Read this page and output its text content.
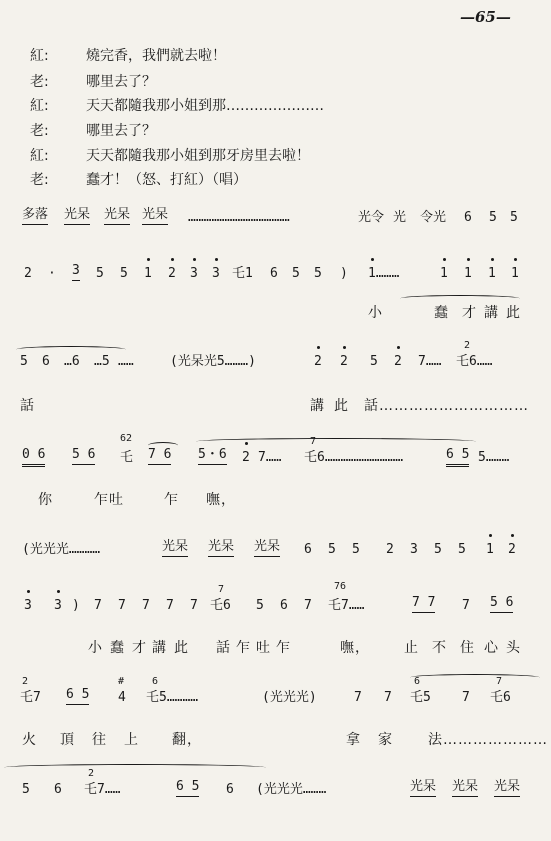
—65—
紅:	燒完香，我們就去啦！
老:	哪里去了？
紅:	天天都隨我那小姐到那…………………
老:	哪里去了？
紅:	天天都隨我那小姐到那牙房里去啦！
老:	蠢才！（怒、打紅）（唱）
多落 光呆 光呆 光呆 …………………………………	光令 光 令光 6 5 5
2 · 3 5 5 1 2 3 3 乇1 6 5 5 ) 1………	1 1 1 1
小	蠢 才 講 此
5 6 …6 …5 ……	(光呆光5………)	2 2 5 2 7…… 乇6……
2
話	講 此 話…………………………
0 6 5 6 乇
62
7 6 5・6 2 7…… 乇6…………………………
7
6 5 5………
你	乍吐	乍 嘸，
(光光光…………	光呆 光呆 光呆 6 5 5 2 3 5 5 1 2
3 3 ) 7 7 7 7 7 乇6
7
5 6 7 乇7……
76
7 7 7 5 6
小 蠢 才 講 此 話 乍 吐 乍	嘸， 止 不 住 心 头
乇7
2
6 5 4
#
乇5…………
6
(光光光)	7 7 乇5
6
7 乇6
7
火 頂 往 上 翻，	拿 家	法…………………
5 6 乇7……
2
6 5 6 (光光光………	光呆 光呆 光呆
